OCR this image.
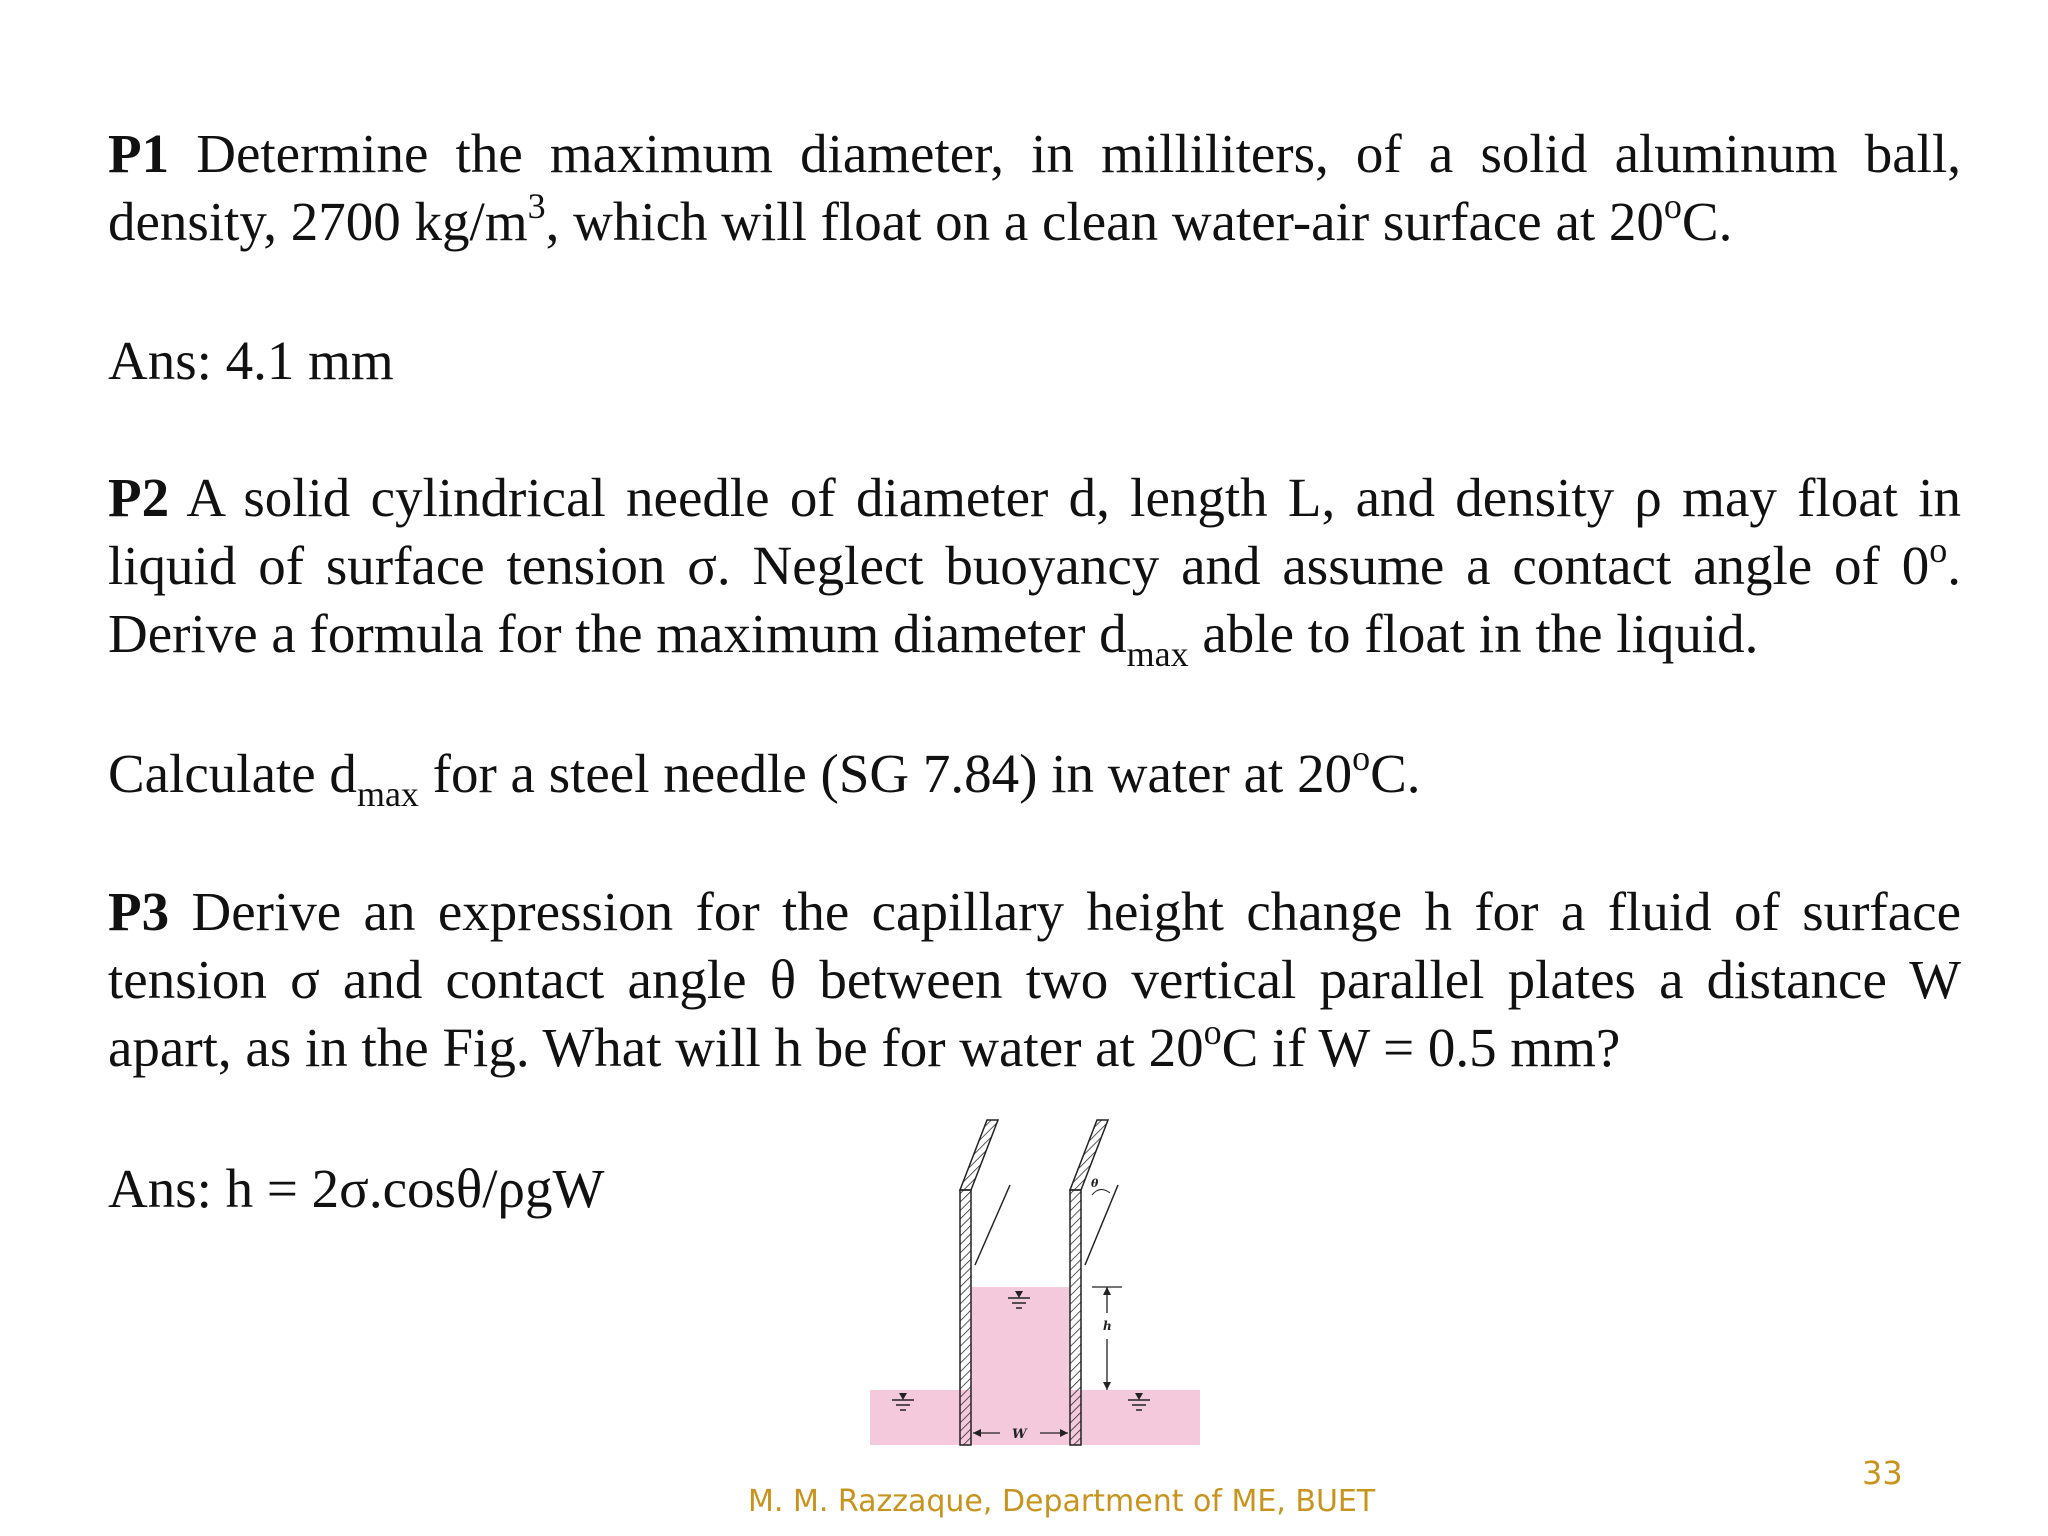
P1 Determine the maximum diameter, in milliliters, of a solid aluminum ball, density, 2700 $kg/m^3$, which will float on a clean water-air surface at 20$^o$C.

Ans: 4.1 mm

P2 A solid cylindrical needle of diameter d, length L, and density ρ may float in liquid of surface tension σ. Neglect buoyancy and assume a contact angle of 0$^o$. Derive a formula for the maximum diameter $d_{max}$ able to float in the liquid.

Calculate $d_{max}$ for a steel needle (SG 7.84) in water at 20$^o$C.

P3 Derive an expression for the capillary height change h for a fluid of surface tension σ and contact angle θ between two vertical parallel plates a distance W apart, as in the Fig. What will h be for water at 20$^o$C if W = 0.5 mm?

Ans: h = 2σ.cosθ/ρgW	θ
h
W
M. M. Razzaque, Department of ME, BUET
33
